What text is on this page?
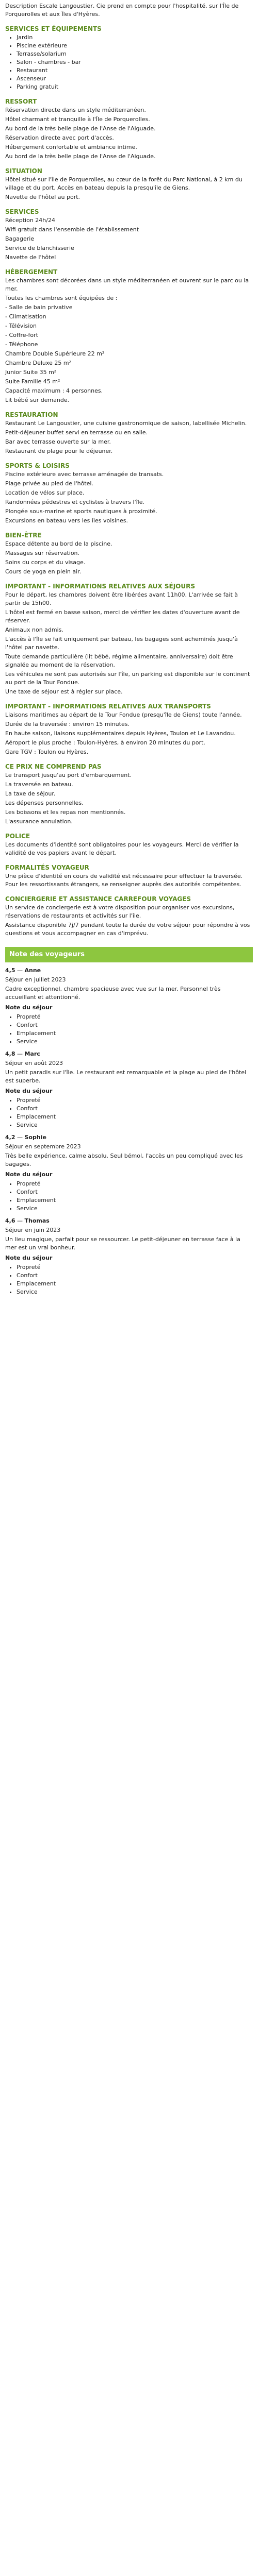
Description Escale Langoustier, Cie prend en compte pour l'hospitalité, sur l'Île de Porquerolles et aux Îles d'Hyères.

SERVICES ET ÉQUIPEMENTS
• Jardin
• Piscine extérieure
• Terrasse/solarium
• Salon - chambres - bar
• Restaurant
• Ascenseur
• Parking gratuit
RESSORT

Réservation directe dans un style méditerranéen.

Hôtel charmant et tranquille à l'Île de Porquerolles.

Au bord de la très belle plage de l'Anse de l'Aiguade.

Réservation directe avec port d'accès.

Hébergement confortable et ambiance intime.

Au bord de la très belle plage de l'Anse de l'Aiguade.

SITUATION

Hôtel situé sur l'île de Porquerolles, au cœur de la forêt du Parc National, à 2 km du village et du port. Accès en bateau depuis la presqu'île de Giens.

Navette de l'hôtel au port.

SERVICES

Réception 24h/24

Wifi gratuit dans l'ensemble de l'établissement

Bagagerie

Service de blanchisserie

Navette de l'hôtel

HÉBERGEMENT

Les chambres sont décorées dans un style méditerranéen et ouvrent sur le parc ou la mer.

Toutes les chambres sont équipées de :

- Salle de bain privative

- Climatisation

- Télévision

- Coffre-fort

- Téléphone

Chambre Double Supérieure 22 m²

Chambre Deluxe 25 m²

Junior Suite 35 m²

Suite Famille 45 m²

Capacité maximum : 4 personnes.

Lit bébé sur demande.

RESTAURATION

Restaurant Le Langoustier, une cuisine gastronomique de saison, labellisée Michelin.

Petit-déjeuner buffet servi en terrasse ou en salle.

Bar avec terrasse ouverte sur la mer.

Restaurant de plage pour le déjeuner.

SPORTS & LOISIRS

Piscine extérieure avec terrasse aménagée de transats.

Plage privée au pied de l'hôtel.

Location de vélos sur place.

Randonnées pédestres et cyclistes à travers l'île.

Plongée sous-marine et sports nautiques à proximité.

Excursions en bateau vers les îles voisines.

BIEN-ÊTRE

Espace détente au bord de la piscine.

Massages sur réservation.

Soins du corps et du visage.

Cours de yoga en plein air.

IMPORTANT - INFORMATIONS RELATIVES AUX SÉJOURS

Pour le départ, les chambres doivent être libérées avant 11h00. L'arrivée se fait à partir de 15h00.

L'hôtel est fermé en basse saison, merci de vérifier les dates d'ouverture avant de réserver.

Animaux non admis.

L'accès à l'île se fait uniquement par bateau, les bagages sont acheminés jusqu'à l'hôtel par navette.

Toute demande particulière (lit bébé, régime alimentaire, anniversaire) doit être signalée au moment de la réservation.

Les véhicules ne sont pas autorisés sur l'île, un parking est disponible sur le continent au port de la Tour Fondue.

Une taxe de séjour est à régler sur place.

IMPORTANT - INFORMATIONS RELATIVES AUX TRANSPORTS

Liaisons maritimes au départ de la Tour Fondue (presqu'île de Giens) toute l'année.

Durée de la traversée : environ 15 minutes.

En haute saison, liaisons supplémentaires depuis Hyères, Toulon et Le Lavandou.

Aéroport le plus proche : Toulon-Hyères, à environ 20 minutes du port.

Gare TGV : Toulon ou Hyères.

CE PRIX NE COMPREND PAS

Le transport jusqu'au port d'embarquement.

La traversée en bateau.

La taxe de séjour.

Les dépenses personnelles.

Les boissons et les repas non mentionnés.

L'assurance annulation.

POLICE

Les documents d'identité sont obligatoires pour les voyageurs. Merci de vérifier la validité de vos papiers avant le départ.

FORMALITÉS VOYAGEUR

Une pièce d'identité en cours de validité est nécessaire pour effectuer la traversée. Pour les ressortissants étrangers, se renseigner auprès des autorités compétentes.

CONCIERGERIE ET ASSISTANCE CARREFOUR VOYAGES

Un service de conciergerie est à votre disposition pour organiser vos excursions, réservations de restaurants et activités sur l'île.

Assistance disponible 7j/7 pendant toute la durée de votre séjour pour répondre à vos questions et vous accompagner en cas d'imprévu.

Note des voyageurs

4,5 — Anne

Séjour en juillet 2023

Cadre exceptionnel, chambre spacieuse avec vue sur la mer. Personnel très accueillant et attentionné.

Note du séjour

• Propreté
• Confort
• Emplacement
• Service

4,8 — Marc

Séjour en août 2023

Un petit paradis sur l'île. Le restaurant est remarquable et la plage au pied de l'hôtel est superbe.

Note du séjour

• Propreté
• Confort
• Emplacement
• Service

4,2 — Sophie

Séjour en septembre 2023

Très belle expérience, calme absolu. Seul bémol, l'accès un peu compliqué avec les bagages.

Note du séjour

• Propreté
• Confort
• Emplacement
• Service

4,6 — Thomas

Séjour en juin 2023

Un lieu magique, parfait pour se ressourcer. Le petit-déjeuner en terrasse face à la mer est un vrai bonheur.

Note du séjour

• Propreté
• Confort
• Emplacement
• Service
